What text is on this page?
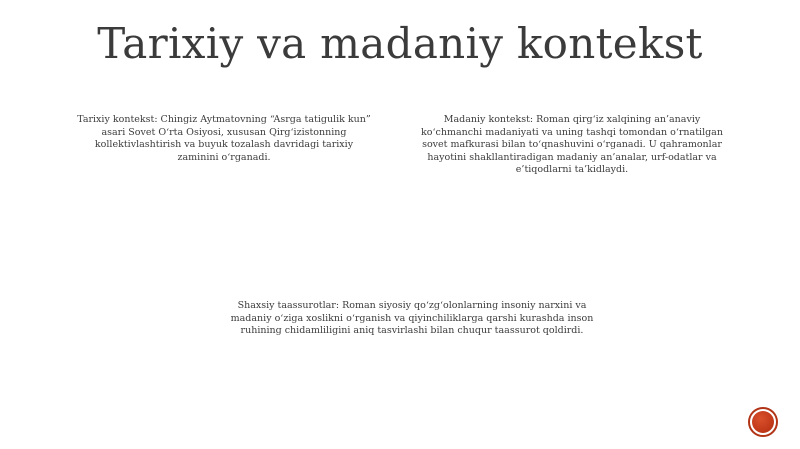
Tarixiy va madaniy kontekst
Tarixiy kontekst: Chingiz Aytmatovning “Asrga tatigulik kun” asari Sovet O‘rta Osiyosi, xususan Qirg‘izistonning kollektivlashtirish va buyuk tozalash davridagi tarixiy zaminini o‘rganadi.
Madaniy kontekst: Roman qirg‘iz xalqining an’anaviy ko‘chmanchi madaniyati va uning tashqi tomondan o‘rnatilgan sovet mafkurasi bilan to‘qnashuvini o‘rganadi. U qahramonlar hayotini shakllantiradigan madaniy an’analar, urf-odatlar va e’tiqodlarni ta’kidlaydi.
Shaxsiy taassurotlar: Roman siyosiy qo‘zg‘olonlarning insoniy narxini va madaniy o‘ziga xoslikni o‘rganish va qiyinchiliklarga qarshi kurashda inson ruhining chidamliligini aniq tasvirlashi bilan chuqur taassurot qoldirdi.
